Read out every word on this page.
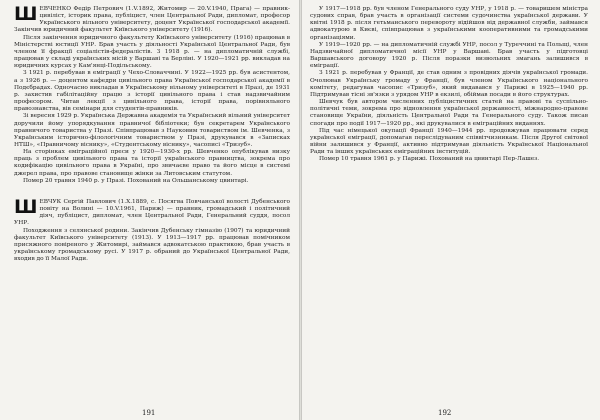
ШЕВЧЕНКО Федір Петрович (1.V.1892, Житомир — 20.V.1940, Прага) — правник-цивіліст, історик права, публіцист, член Центральної Ради, дипломат, професор Українського вільного університету, доцент Української господарської академії. Закінчив юридичний факультет Київського університету (1916).

Після закінчення юридичного факультету Київського університету (1916) працював в Міністерстві юстиції УНР. Брав участь у діяльності Української Центральної Ради, був членом її фракції соціалістів-федералістів. З 1918 р. — на дипломатичній службі, працював у складі українських місій у Варшаві та Берліні. У 1920—1921 рр. викладав на юридичних курсах у Кам'янці-Подільському.

З 1921 р. перебував в еміграції у Чехо-Словаччині. У 1922—1925 рр. був асистентом, а з 1926 р. — доцентом кафедри цивільного права Української господарської академії в Подєбрадах. Одночасно викладав в Українському вільному університеті в Празі, де 1931 р. захистив габілітаційну працю з історії цивільного права і став надзвичайним професором. Читав лекції з цивільного права, історії права, порівняльного правознавства, вів семінари для студентів-правників.

Зі вересня 1929 р. Українська Державна академія та Український вільний університет доручили йому упорядкування правничої бібліотеки; був секретарем Українського правничого товариства у Празі. Співпрацював з Науковим товариством ім. Шевченка, з Українським історично-філологічним товариством у Празі, друкувався в «Записках НТШ», «Правничому віснику», «Студентському віснику», часописі «Тризуб».

На сторінках еміграційної преси у 1920—1930-х рр. Шевченко опублікував низку праць з проблем цивільного права та історії українського правництва, зокрема про кодифікацію цивільного права в Україні, про звичаєве право та його місце в системі джерел права, про правове становище жінки за Литовським статутом.

Помер 20 травня 1940 р. у Празі. Похований на Ольшанському цвинтарі.

ШЕВЧУК Сергій Павлович (1.X.1889, с. Посягва Повчанської волості Дубенського повіту на Волині — 10.V.1961, Париж) — правник, громадський і політичний діяч, публіцист, дипломат, член Центральної Ради, Генеральний суддя, посол УНР.

Походження з селянської родини. Закінчив Дубенську гімназію (1907) та юридичний факультет Київського університету (1913). У 1913—1917 рр. працював помічником присяжного повіреного у Житомирі, займався адвокатською практикою, брав участь в українському громадському русі. У 1917 р. обраний до Української Центральної Ради, входив до її Малої Ради.

У 1917—1918 рр. був членом Генерального суду УНР, у 1918 р. — товаришем міністра судових справ, брав участь в організації системи судочинства української держави. У квітні 1918 р. після гетьманського перевороту відійшов від державної служби, займався адвокатурою в Києві, співпрацював з українськими кооперативними та громадськими організаціями.

У 1919—1920 рр. — на дипломатичній службі УНР, посол у Туреччині та Польщі, член Надзвичайної дипломатичної місії УНР у Варшаві. Брав участь у підготовці Варшавського договору 1920 р. Після поразки визвольних змагань залишився в еміграції.

З 1921 р. перебував у Франції, де став одним з провідних діячів української громади. Очолював Українську громаду у Франції, був членом Українського національного комітету, редагував часопис «Тризуб», який видавався у Парижі в 1925—1940 рр. Підтримував тісні зв'язки з урядом УНР в екзилі, обіймав посади в його структурах.

Шевчук був автором численних публіцистичних статей на правові та суспільно-політичні теми, зокрема про відновлення української державності, міжнародно-правове становище України, діяльність Центральної Ради та Генерального суду. Також писав спогади про події 1917—1920 рр., які друкувалися в еміграційних виданнях.

Під час німецької окупації Франції 1940—1944 рр. продовжував працювати серед української еміграції, допомагав переслідуваним співвітчизникам. Після Другої світової війни залишився у Франції, активно підтримував діяльність Української Національної Ради та інших українських еміграційних інституцій.

Помер 10 травня 1961 р. у Парижі. Похований на цвинтарі Пер-Лашез.

191	192
